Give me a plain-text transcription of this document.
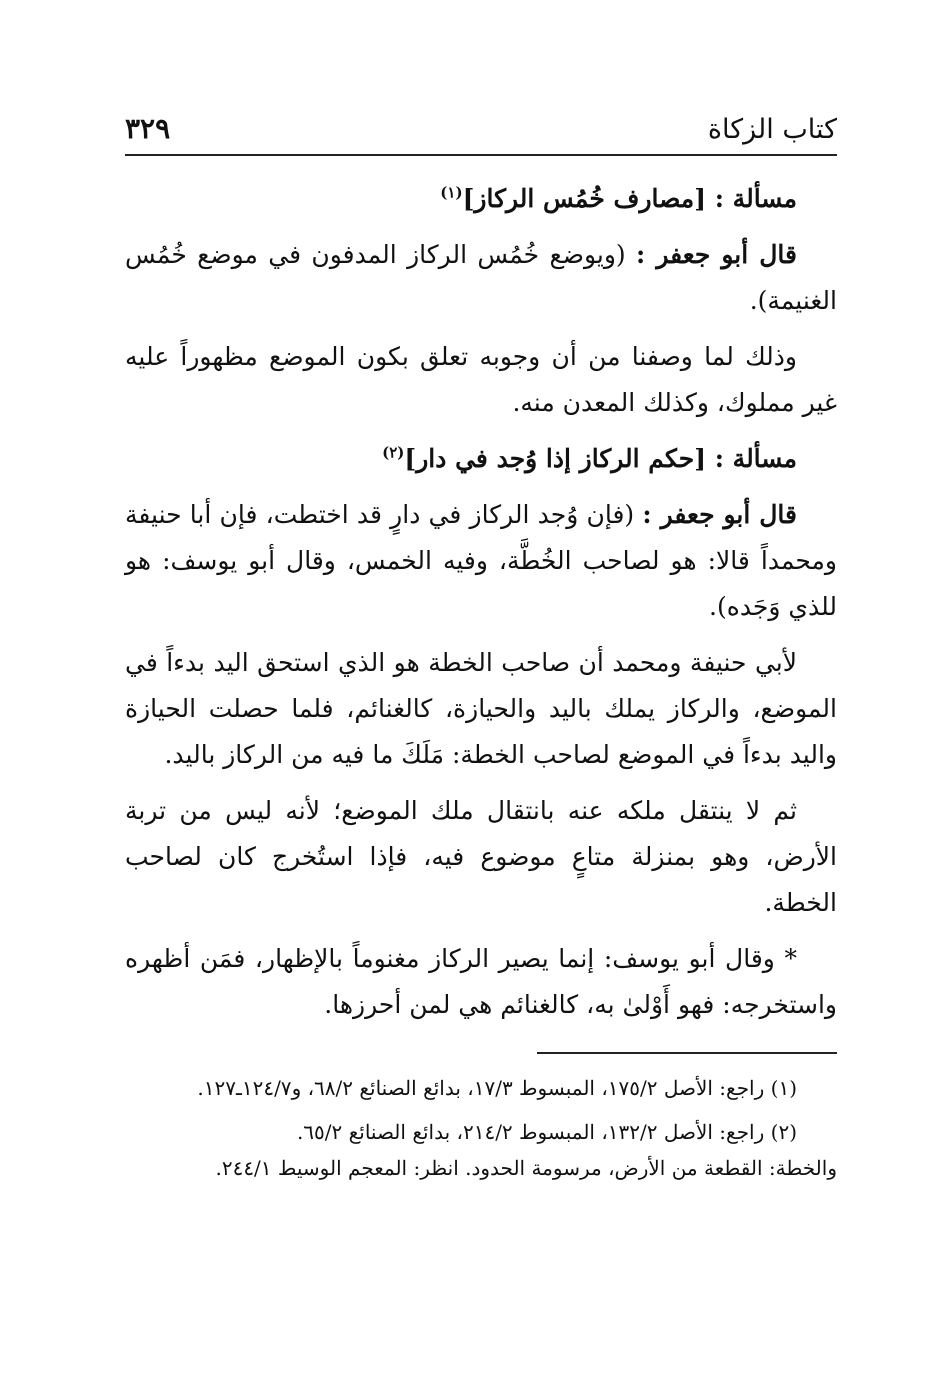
كتاب الزكاة
٣٢٩

مسألة : [مصارف خُمُس الركاز]$^{(١)}$

قال أبو جعفر : (ويوضع خُمُس الركاز المدفون في موضع خُمُس الغنيمة).

وذلك لما وصفنا من أن وجوبه تعلق بكون الموضع مظهوراً عليه غير مملوك، وكذلك المعدن منه.

مسألة : [حكم الركاز إذا وُجد في دار]$^{(٢)}$

قال أبو جعفر : (فإن وُجد الركاز في دارٍ قد اختطت، فإن أبا حنيفة ومحمداً قالا: هو لصاحب الخُطَّة، وفيه الخمس، وقال أبو يوسف: هو للذي وَجَده).

لأبي حنيفة ومحمد أن صاحب الخطة هو الذي استحق اليد بدءاً في الموضع، والركاز يملك باليد والحيازة، كالغنائم، فلما حصلت الحيازة واليد بدءاً في الموضع لصاحب الخطة: مَلَكَ ما فيه من الركاز باليد.

ثم لا ينتقل ملكه عنه بانتقال ملك الموضع؛ لأنه ليس من تربة الأرض، وهو بمنزلة متاعٍ موضوع فيه، فإذا استُخرج كان لصاحب الخطة.

* وقال أبو يوسف: إنما يصير الركاز مغنوماً بالإظهار، فمَن أظهره واستخرجه: فهو أَوْلىٰ به، كالغنائم هي لمن أحرزها.

(١) راجع: الأصل ١٧٥/٢، المبسوط ١٧/٣، بدائع الصنائع ٦٨/٢، و١٢٤/٧ـ١٢٧.

(٢) راجع: الأصل ١٣٢/٢، المبسوط ٢١٤/٢، بدائع الصنائع ٦٥/٢.
والخطة: القطعة من الأرض، مرسومة الحدود. انظر: المعجم الوسيط ٢٤٤/١.
